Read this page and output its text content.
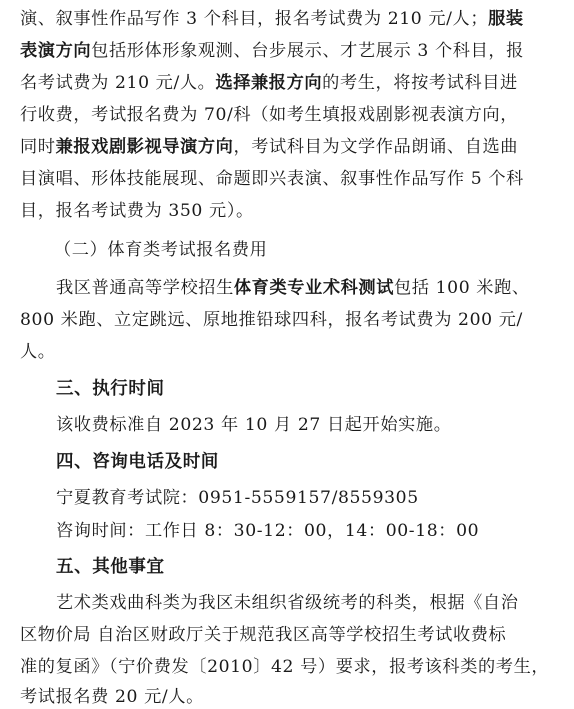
演、叙事性作品写作 3 个科目，报名考试费为 210 元/人；服装
表演方向包括形体形象观测、台步展示、才艺展示 3 个科目，报
名考试费为 210 元/人。选择兼报方向的考生，将按考试科目进
行收费，考试报名费为 70/科（如考生填报戏剧影视表演方向，
同时兼报戏剧影视导演方向，考试科目为文学作品朗诵、自选曲
目演唱、形体技能展现、命题即兴表演、叙事性作品写作 5 个科
目，报名考试费为 350 元）。
（二）体育类考试报名费用
我区普通高等学校招生体育类专业术科测试包括 100 米跑、
800 米跑、立定跳远、原地推铅球四科，报名考试费为 200 元/
人。
三、执行时间
该收费标准自 2023 年 10 月 27 日起开始实施。
四、咨询电话及时间
宁夏教育考试院：0951-5559157/8559305
咨询时间：工作日 8：30-12：00，14：00-18：00
五、其他事宜
艺术类戏曲科类为我区未组织省级统考的科类，根据《自治
区物价局 自治区财政厅关于规范我区高等学校招生考试收费标
准的复函》（宁价费发〔2010〕42 号）要求，报考该科类的考生，
考试报名费 20 元/人。
